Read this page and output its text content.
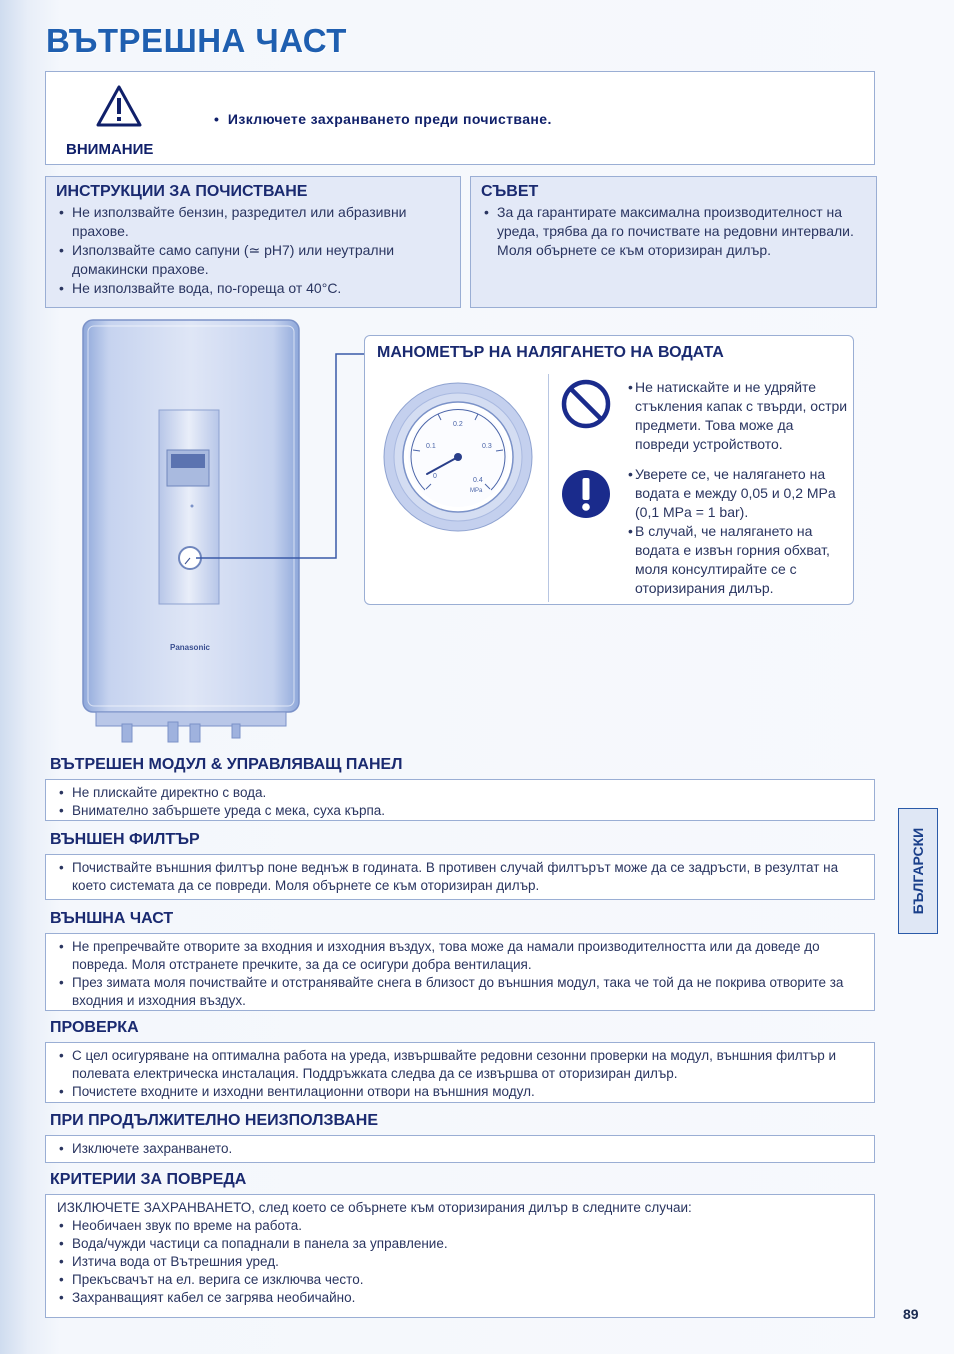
ВЪТРЕШНА ЧАСТ
ВНИМАНИЕ
•  Изключете захранването преди почистване.
ИНСТРУКЦИИ ЗА ПОЧИСТВАНЕ
• Не използвайте бензин, разредител или абразивни прахове.
• Използвайте само сапуни (≃ pH7) или неутрални домакински прахове.
• Не използвайте вода, по-гореща от 40°C.
СЪВЕТ
• За да гарантирате максимална производителност на уреда, трябва да го почиствате на редовни интервали. Моля обърнете се към оторизиран дилър.
Panasonic
МАНОМЕТЪР НА НАЛЯГАНЕТО НА ВОДАТА
0
0.1
0.2
0.3
0.4
MPa
• Не натискайте и не удряйте стъкления капак с твърди, остри предмети. Това може да повреди устройството.
• Уверете се, че налягането на водата е между 0,05 и 0,2 MPa (0,1 MPa = 1 bar).
• В случай, че налягането на водата е извън горния обхват, моля консултирайте се с оторизирания дилър.
ВЪТРЕШЕН МОДУЛ & УПРАВЛЯВАЩ ПАНЕЛ
• Не плискайте директно с вода.
• Внимателно забършете уреда с мека, суха кърпа.
ВЪНШЕН ФИЛТЪР
• Почиствайте външния филтър поне веднъж в годината. В противен случай филтърът може да се задръсти, в резултат на което системата да се повреди. Моля обърнете се към оторизиран дилър.
ВЪНШНА ЧАСТ
• Не препречвайте отворите за входния и изходния въздух, това може да намали производителността или да доведе до повреда. Моля отстранете пречките, за да се осигури добра вентилация.
• През зимата моля почиствайте и отстранявайте снега в близост до външния модул, така че той да не покрива отворите за входния и изходния въздух.
ПРОВЕРКА
• С цел осигуряване на оптимална работа на уреда, извършвайте редовни сезонни проверки на модул, външния филтър и полевата електрическа инсталация. Поддръжката следва да се извършва от оторизиран дилър.
• Почистете входните и изходни вентилационни отвори на външния модул.
ПРИ ПРОДЪЛЖИТЕЛНО НЕИЗПОЛЗВАНЕ
• Изключете захранването.
КРИТЕРИИ ЗА ПОВРЕДА
ИЗКЛЮЧЕТЕ ЗАХРАНВАНЕТО, след което се обърнете към оторизирания дилър в следните случаи:
• Необичаен звук по време на работа.
• Вода/чужди частици са попаднали в панела за управление.
• Изтича вода от Вътрешния уред.
• Прекъсвачът на ел. верига се изключва често.
• Захранващият кабел се загрява необичайно.
БЪЛГАРСКИ
89
